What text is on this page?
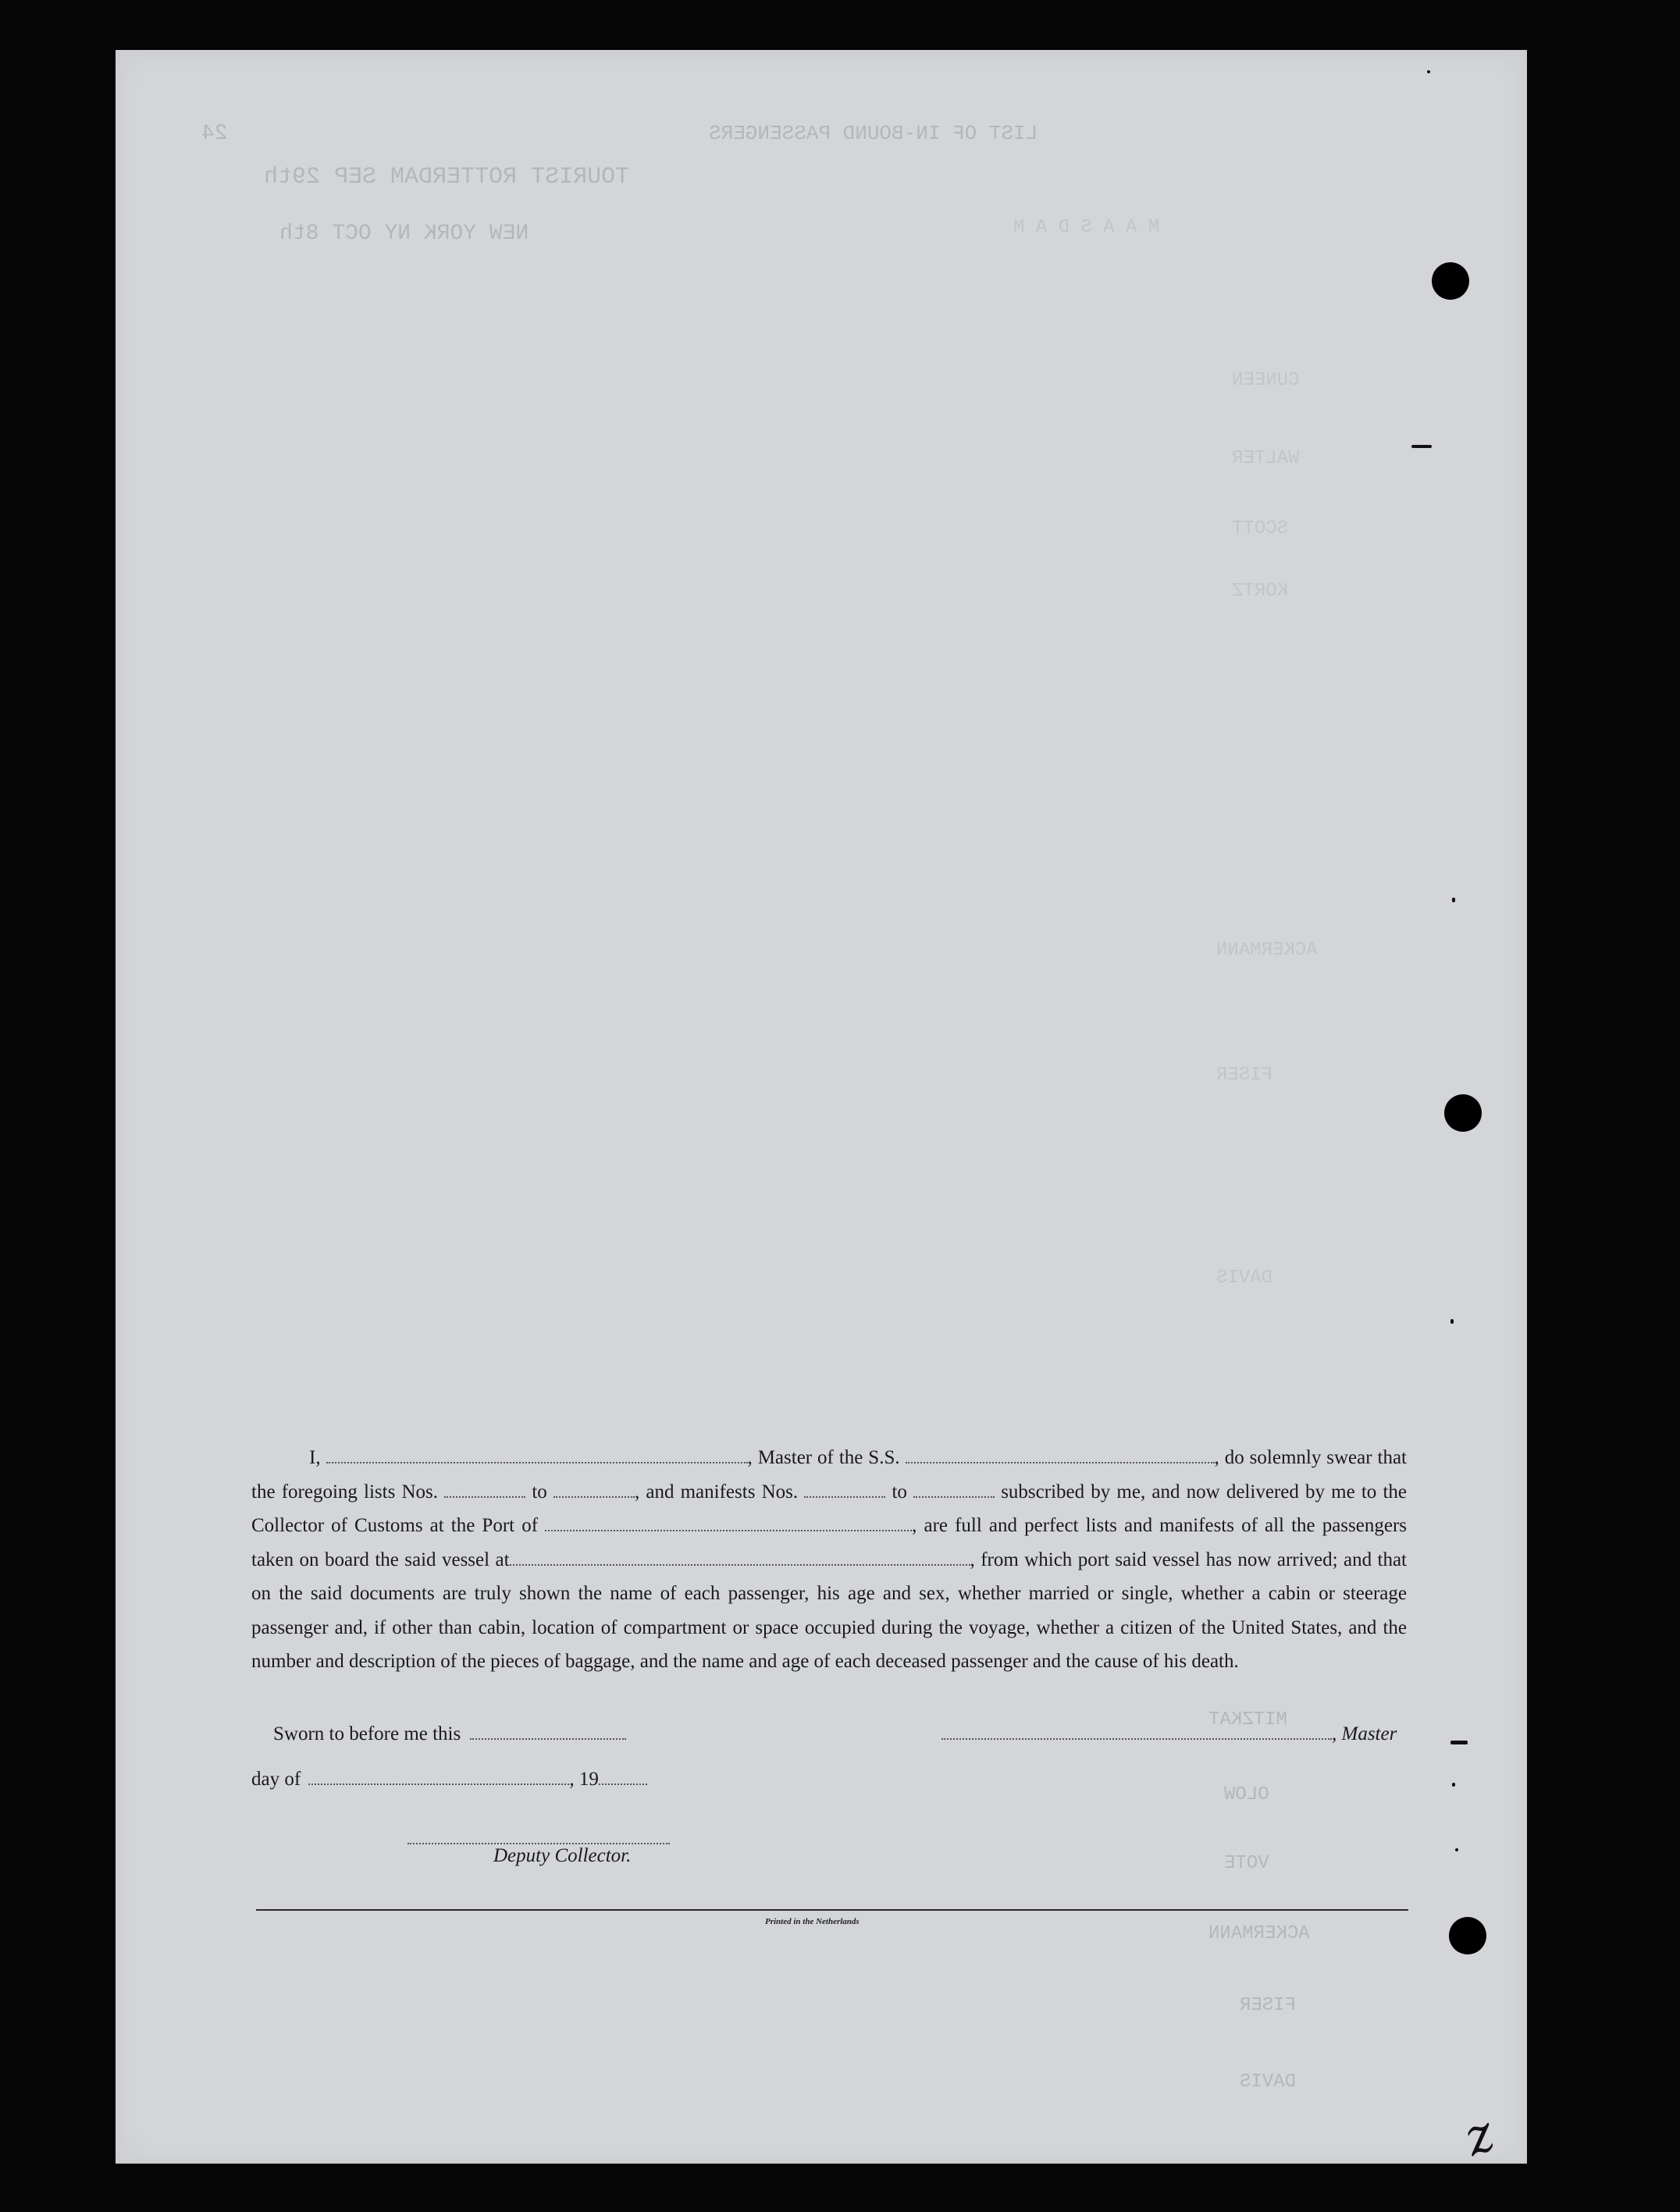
LIST OF IN-BOUND PASSENGERS
24
TOURIST ROTTERDAM SEP 29th
NEW YORK NY OCT 8th	M A A S D A M
CUNEEN
WALTER
SCOTT
KORTZ
ACKERMANN
FISER
DAVIS
MITZKAT
OLOW
VOTE
ACKERMANN
FISER
DAVIS

I,	, Master of the S.S.	, do solemnly swear that the foregoing lists Nos.	to	, and manifests Nos.	to	subscribed by me, and now delivered by me to the Collector of Customs at the Port of	, are full and perfect lists and manifests of all the passengers taken on board the said vessel at	, from which port said vessel has now arrived; and that on the said documents are truly shown the name of each passenger, his age and sex, whether married or single, whether a cabin or steerage passenger and, if other than cabin, location of compartment or space occupied during the voyage, whether a citizen of the United States, and the number and description of the pieces of baggage, and the name and age of each deceased passenger and the cause of his death.

Sworn to before me this	, Master
day of	, 19
Deputy Collector.
Printed in the Netherlands
z
